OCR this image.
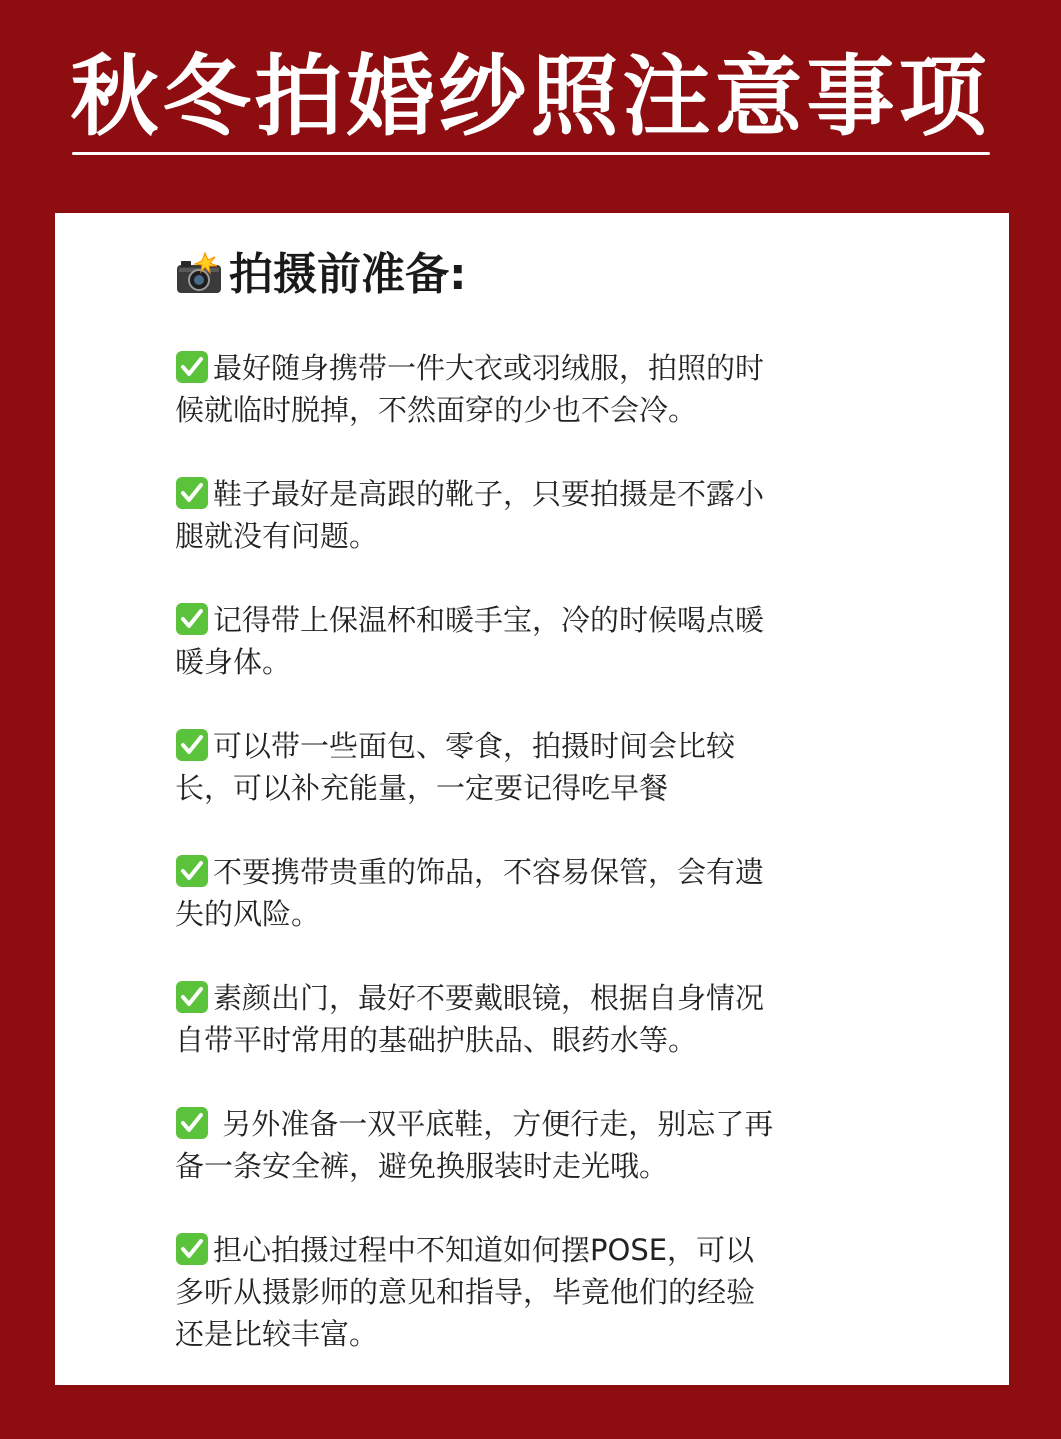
秋冬拍婚纱照注意事项
拍摄前准备:
最好随身携带一件大衣或羽绒服，拍照的时候就临时脱掉，不然面穿的少也不会冷。
鞋子最好是高跟的靴子，只要拍摄是不露小腿就没有问题。
记得带上保温杯和暖手宝，冷的时候喝点暖暖身体。
可以带一些面包、零食，拍摄时间会比较长，可以补充能量，一定要记得吃早餐
不要携带贵重的饰品，不容易保管，会有遗失的风险。
素颜出门，最好不要戴眼镜，根据自身情况自带平时常用的基础护肤品、眼药水等。
另外准备一双平底鞋，方便行走，别忘了再备一条安全裤，避免换服装时走光哦。
担心拍摄过程中不知道如何摆POSE，可以多听从摄影师的意见和指导，毕竟他们的经验还是比较丰富。
